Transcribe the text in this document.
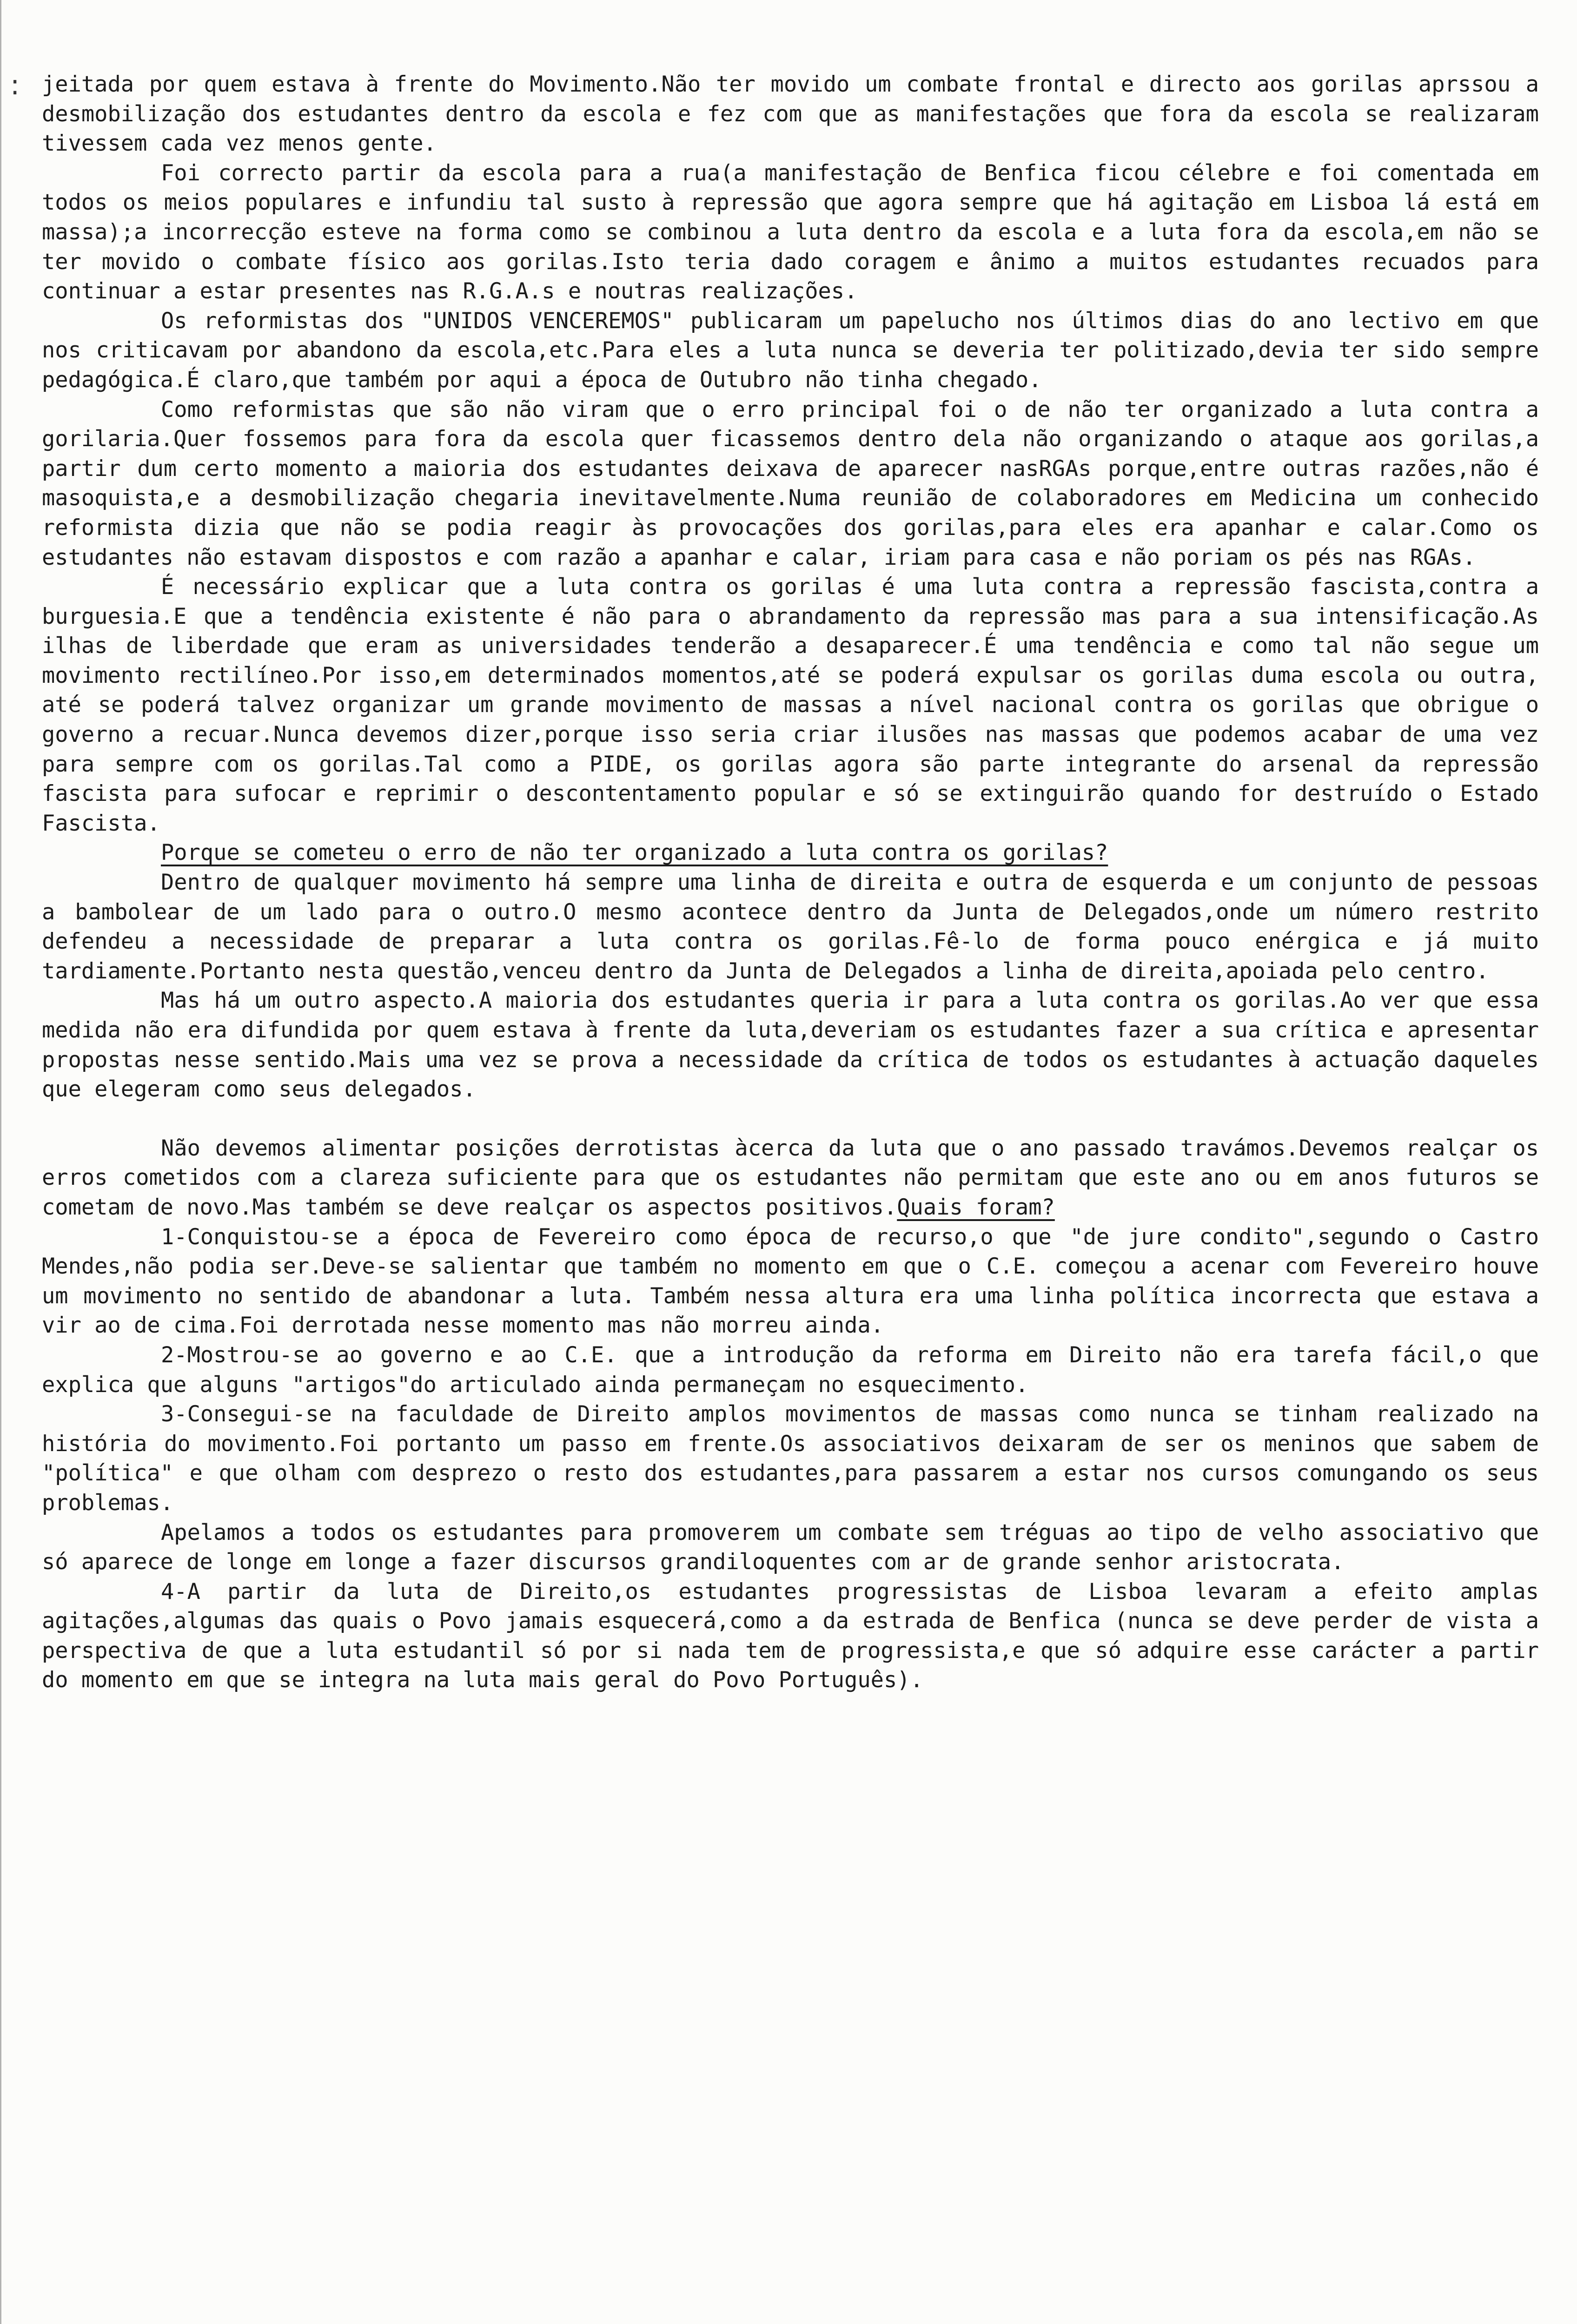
: jeitada por quem estava à frente do Movimento.Não ter movido um combate frontal e directo aos gorilas aprssou a desmobilização dos estudantes dentro da escola e fez com que as manifestações que fora da escola se realizaram tivessem cada vez menos gente.

Foi correcto partir da escola para a rua(a manifestação de Benfica ficou célebre e foi comentada em todos os meios populares e infundiu tal susto à repressão que agora sempre que há agitação em Lisboa lá está em massa);a incorrecção esteve na forma como se combinou a luta dentro da escola e a luta fora da escola,em não se ter movido o combate físico aos gorilas.Isto teria dado coragem e ânimo a muitos estudantes recuados para continuar a estar presentes nas R.G.A.s e noutras realizações.

Os reformistas dos "UNIDOS VENCEREMOS" publicaram um papelucho nos últimos dias do ano lectivo em que nos criticavam por abandono da escola,etc.Para eles a luta nunca se deveria ter politizado,devia ter sido sempre pedagógica.É claro,que também por aqui a época de Outubro não tinha chegado.

Como reformistas que são não viram que o erro principal foi o de não ter organizado a luta contra a gorilaria.Quer fossemos para fora da escola quer ficassemos dentro dela não organizando o ataque aos gorilas,a partir dum certo momento a maioria dos estudantes deixava de aparecer nasRGAs porque,entre outras razões,não é masoquista,e a desmobilização chegaria inevitavelmente.Numa reunião de colaboradores em Medicina um conhecido reformista dizia que não se podia reagir às provocações dos gorilas,para eles era apanhar e calar.Como os estudantes não estavam dispostos e com razão a apanhar e calar, iriam para casa e não poriam os pés nas RGAs.

É necessário explicar que a luta contra os gorilas é uma luta contra a repressão fascista,contra a burguesia.E que a tendência existente é não para o abrandamento da repressão mas para a sua intensificação.As ilhas de liberdade que eram as universidades tenderão a desaparecer.É uma tendência e como tal não segue um movimento rectilíneo.Por isso,em determinados momentos,até se poderá expulsar os gorilas duma escola ou outra, até se poderá talvez organizar um grande movimento de massas a nível nacional contra os gorilas que obrigue o governo a recuar.Nunca devemos dizer,porque isso seria criar ilusões nas massas que podemos acabar de uma vez para sempre com os gorilas.Tal como a PIDE, os gorilas agora são parte integrante do arsenal da repressão fascista para sufocar e reprimir o descontentamento popular e só se extinguirão quando for destruído o Estado Fascista.

Porque se cometeu o erro de não ter organizado a luta contra os gorilas?

Dentro de qualquer movimento há sempre uma linha de direita e outra de esquerda e um conjunto de pessoas a bambolear de um lado para o outro.O mesmo acontece dentro da Junta de Delegados,onde um número restrito defendeu a necessidade de preparar a luta contra os gorilas.Fê-lo de forma pouco enérgica e já muito tardiamente.Portanto nesta questão,venceu dentro da Junta de Delegados a linha de direita,apoiada pelo centro.

Mas há um outro aspecto.A maioria dos estudantes queria ir para a luta contra os gorilas.Ao ver que essa medida não era difundida por quem estava à frente da luta,deveriam os estudantes fazer a sua crítica e apresentar propostas nesse sentido.Mais uma vez se prova a necessidade da crítica de todos os estudantes à actuação daqueles que elegeram como seus delegados.

Não devemos alimentar posições derrotistas àcerca da luta que o ano passado travámos.Devemos realçar os erros cometidos com a clareza suficiente para que os estudantes não permitam que este ano ou em anos futuros se cometam de novo.Mas também se deve realçar os aspectos positivos.Quais foram?

1-Conquistou-se a época de Fevereiro como época de recurso,o que "de jure condito",segundo o Castro Mendes,não podia ser.Deve-se salientar que também no momento em que o C.E. começou a acenar com Fevereiro houve um movimento no sentido de abandonar a luta. Também nessa altura era uma linha política incorrecta que estava a vir ao de cima.Foi derrotada nesse momento mas não morreu ainda.

2-Mostrou-se ao governo e ao C.E. que a introdução da reforma em Direito não era tarefa fácil,o que explica que alguns "artigos"do articulado ainda permaneçam no esquecimento.

3-Consegui-se na faculdade de Direito amplos movimentos de massas como nunca se tinham realizado na história do movimento.Foi portanto um passo em frente.Os associativos deixaram de ser os meninos que sabem de "política" e que olham com desprezo o resto dos estudantes,para passarem a estar nos cursos comungando os seus problemas.

Apelamos a todos os estudantes para promoverem um combate sem tréguas ao tipo de velho associativo que só aparece de longe em longe a fazer discursos grandiloquentes com ar de grande senhor aristocrata.

4-A partir da luta de Direito,os estudantes progressistas de Lisboa levaram a efeito amplas agitações,algumas das quais o Povo jamais esquecerá,como a da estrada de Benfica (nunca se deve perder de vista a perspectiva de que a luta estudantil só por si nada tem de progressista,e que só adquire esse carácter a partir do momento em que se integra na luta mais geral do Povo Português).
